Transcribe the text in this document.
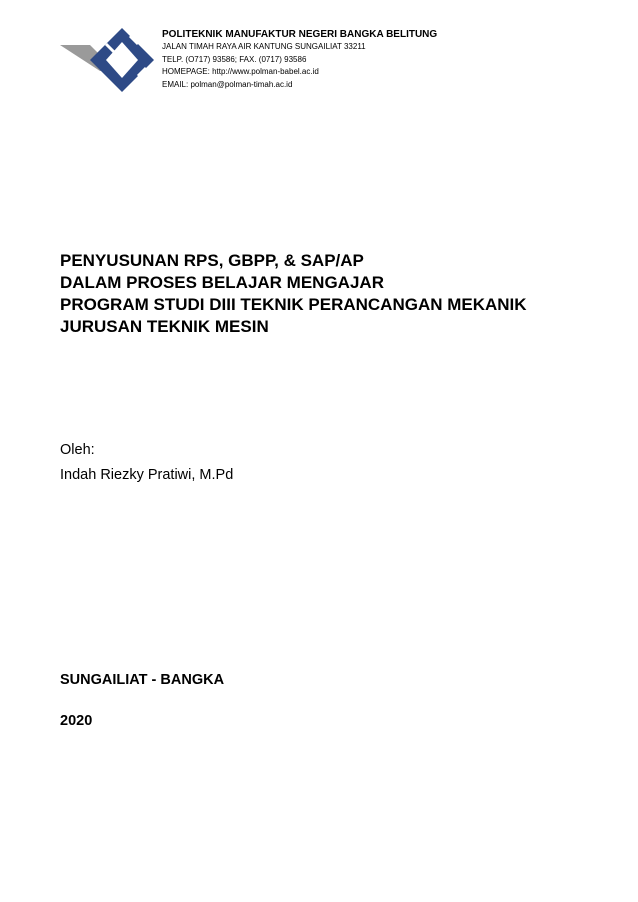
POLITEKNIK MANUFAKTUR NEGERI BANGKA BELITUNG
JALAN TIMAH RAYA AIR KANTUNG SUNGAILIAT 33211
TELP. (O717) 93586; FAX. (0717) 93586
HOMEPAGE: http://www.polman-babel.ac.id
EMAIL: polman@polman-timah.ac.id
PENYUSUNAN RPS, GBPP, & SAP/AP
DALAM PROSES BELAJAR MENGAJAR
PROGRAM STUDI DIII TEKNIK PERANCANGAN MEKANIK
JURUSAN TEKNIK MESIN
Oleh:
Indah Riezky Pratiwi, M.Pd
SUNGAILIAT - BANGKA
2020
